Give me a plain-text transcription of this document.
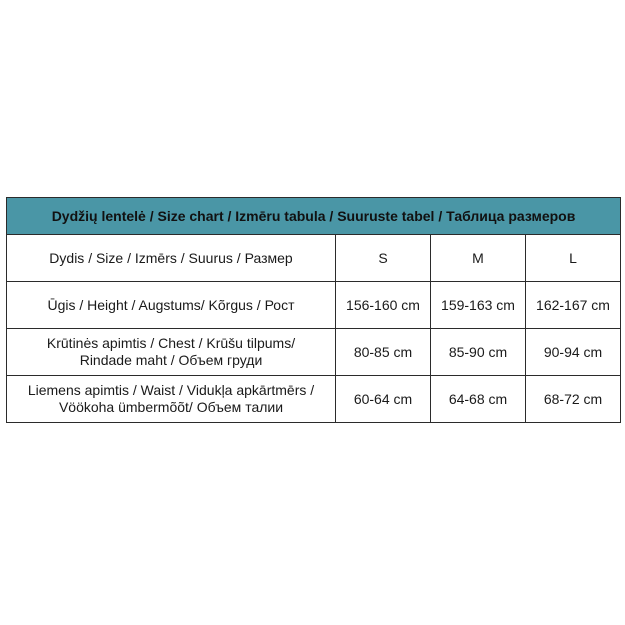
Dydžių lentelė / Size chart / Izmēru tabula / Suuruste tabel / Таблица размеров			
Dydis / Size / Izmērs / Suurus / Размер	S	M	L
Ūgis / Height / Augstums/ Kõrgus / Рост	156-160 cm	159-163 cm	162-167 cm
Krūtinės apimtis / Chest / Krūšu tilpums/
Rindade maht / Объем груди	80-85 cm	85-90 cm	90-94 cm
Liemens apimtis / Waist / Vidukļa apkārtmērs /
Vöökoha ümbermõõt/ Объем талии	60-64 cm	64-68 cm	68-72 cm
